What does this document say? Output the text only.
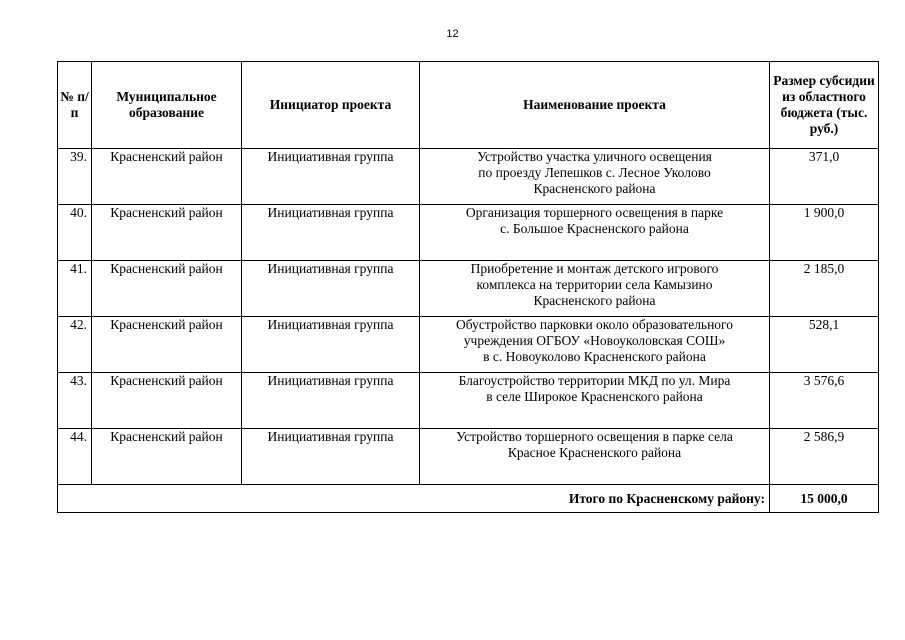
12
№ п/п	Муниципальное образование	Инициатор проекта	Наименование проекта	Размер субсидии из областного бюджета (тыс. руб.)
39.	Красненский район	Инициативная группа	Устройство участка уличного освещения
по проезду Лепешков с. Лесное Уколово
Красненского района	371,0
40.	Красненский район	Инициативная группа	Организация торшерного освещения в парке
с. Большое Красненского района	1 900,0
41.	Красненский район	Инициативная группа	Приобретение и монтаж детского игрового
комплекса на территории села Камызино
Красненского района	2 185,0
42.	Красненский район	Инициативная группа	Обустройство парковки около образовательного
учреждения ОГБОУ «Новоуколовская СОШ»
в с. Новоуколово Красненского района	528,1
43.	Красненский район	Инициативная группа	Благоустройство территории МКД по ул. Мира
в селе Широкое Красненского района	3 576,6
44.	Красненский район	Инициативная группа	Устройство торшерного освещения в парке села
Красное Красненского района	2 586,9
Итого по Красненскому району:				15 000,0
